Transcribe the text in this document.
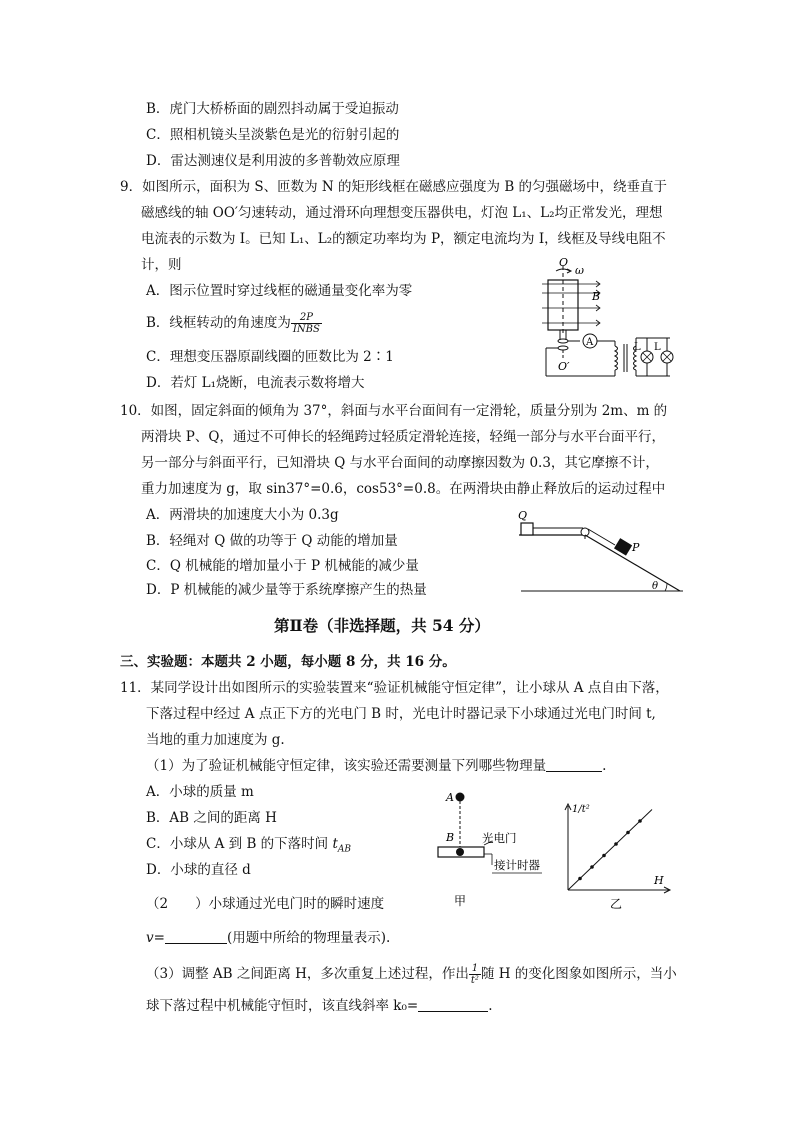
B．虎门大桥桥面的剧烈抖动属于受迫振动
C．照相机镜头呈淡紫色是光的衍射引起的
D．雷达测速仪是利用波的多普勒效应原理
9．如图所示，面积为 S、匝数为 N 的矩形线框在磁感应强度为 B 的匀强磁场中，绕垂直于
磁感线的轴 OO′匀速转动，通过滑环向理想变压器供电，灯泡 L₁、L₂均正常发光，理想
电流表的示数为 I。已知 L₁、L₂的额定功率均为 P，额定电流均为 I，线框及导线电阻不
计，则
A．图示位置时穿过线框的磁通量变化率为零
B．线框转动的角速度为 $\frac{2P}{\text{INBS}}$
C．理想变压器原副线圈的匝数比为 2∶1
D．若灯 L₁烧断，电流表示数将增大
O
ω
B
O′
A	L L
10．如图，固定斜面的倾角为 37°，斜面与水平台面间有一定滑轮，质量分别为 2m、m 的
两滑块 P、Q，通过不可伸长的轻绳跨过轻质定滑轮连接，轻绳一部分与水平台面平行，
另一部分与斜面平行，已知滑块 Q 与水平台面间的动摩擦因数为 0.3，其它摩擦不计，
重力加速度为 g，取 sin37°=0.6，cos53°=0.8。在两滑块由静止释放后的运动过程中
A．两滑块的加速度大小为 0.3g
B．轻绳对 Q 做的功等于 Q 动能的增加量
C．Q 机械能的增加量小于 P 机械能的减少量
D．P 机械能的减少量等于系统摩擦产生的热量
Q
P
θ
第Ⅱ卷（非选择题，共 54 分）
三、实验题：本题共 2 小题，每小题 8 分，共 16 分。
11．某同学设计出如图所示的实验装置来“验证机械能守恒定律”，让小球从 A 点自由下落，
下落过程中经过 A 点正下方的光电门 B 时，光电计时器记录下小球通过光电门时间 t,
当地的重力加速度为 g.
（1）为了验证机械能守恒定律，该实验还需要测量下列哪些物理量	.
A．小球的质量 m
B．AB 之间的距离 H
C．小球从 A 到 B 的下落时间 $t_{AB}$
D．小球的直径 d
（2　　）小球通过光电门时的瞬时速度
v=	(用题中所给的物理量表示).
（3）调整 AB 之间距离 H，多次重复上述过程，作出 $\frac{1}{\text{t²}}$ 随 H 的变化图象如图所示，当小
球下落过程中机械能守恒时，该直线斜率 k₀=	.
A
B 光电门
接计时器
甲
1/t²
H
乙
